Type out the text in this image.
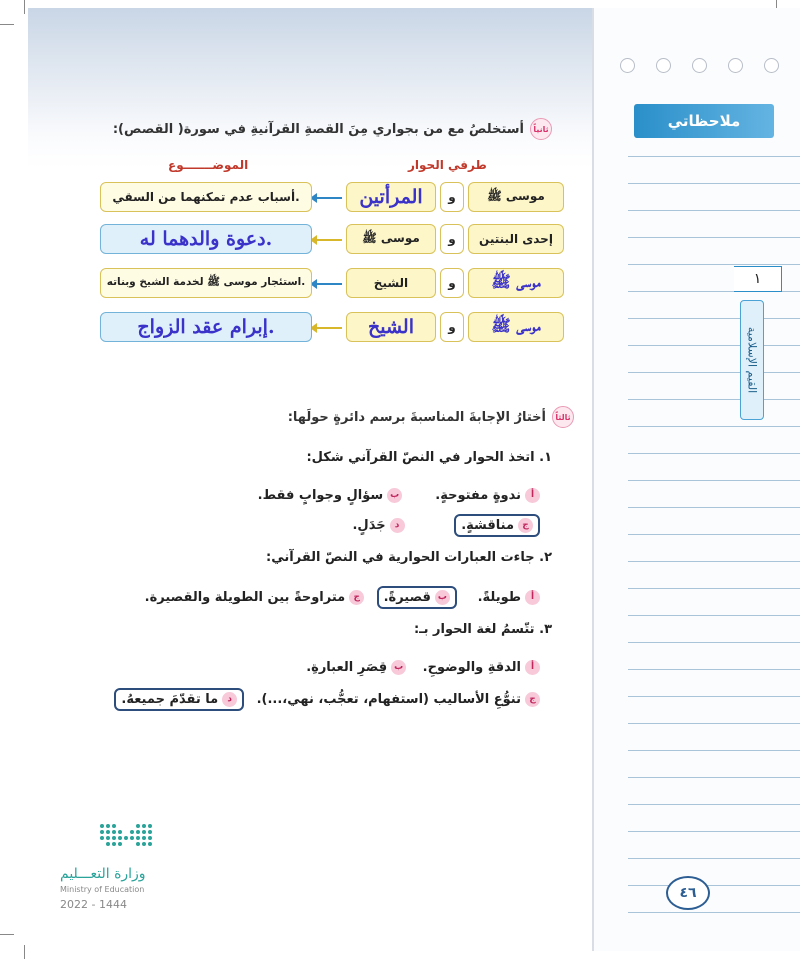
ملاحظاتي
١
القيم الإسلامية
٤٦
ثانياً
أستخلصُ مع من بجواري مِنَ القصةِ القرآنيةِ في سورة( القصص):
طرفي الحوار
الموضـــــــوع
موسى ﷺ
و
المرأتين
أسباب عدم تمكنهما من السقي.
إحدى البنتين
و
موسى ﷺ
دعوة والدهما له.
موسى ﷺ
و
الشيخ
استئجار موسى ﷺ لخدمة الشيخ وبناته.
موسى ﷺ
و
الشيخ
إبرام عقد الزواج.
ثالثاً
أختارُ الإجابةَ المناسبةَ برسم دائرةٍ حولَها:
١. اتخذ الحوار في النصّ القرآني شكل:
أ
ندوةٍ مفتوحةٍ.

ب
سؤالٍ وجوابٍ فقط.
ج
مناقشةٍ.

د
جَدَلٍ.
٢. جاءت العبارات الحوارية في النصّ القرآني:
أ
طويلةً.

ب
قصيرةً.

ج
متراوحةً بين الطويلة والقصيرة.
٣. تتّسمُ لغة الحوار بـ:
أ
الدقةِ والوضوحِ.

ب
قِصَرِ العبارةِ.
ج
تنوُّعِ الأساليب (استفهام، تعجُّب، نهي،...).

د
ما تقدّمَ جميعهُ.
وزارة التعـــليم
Ministry of Education
2022 - 1444
